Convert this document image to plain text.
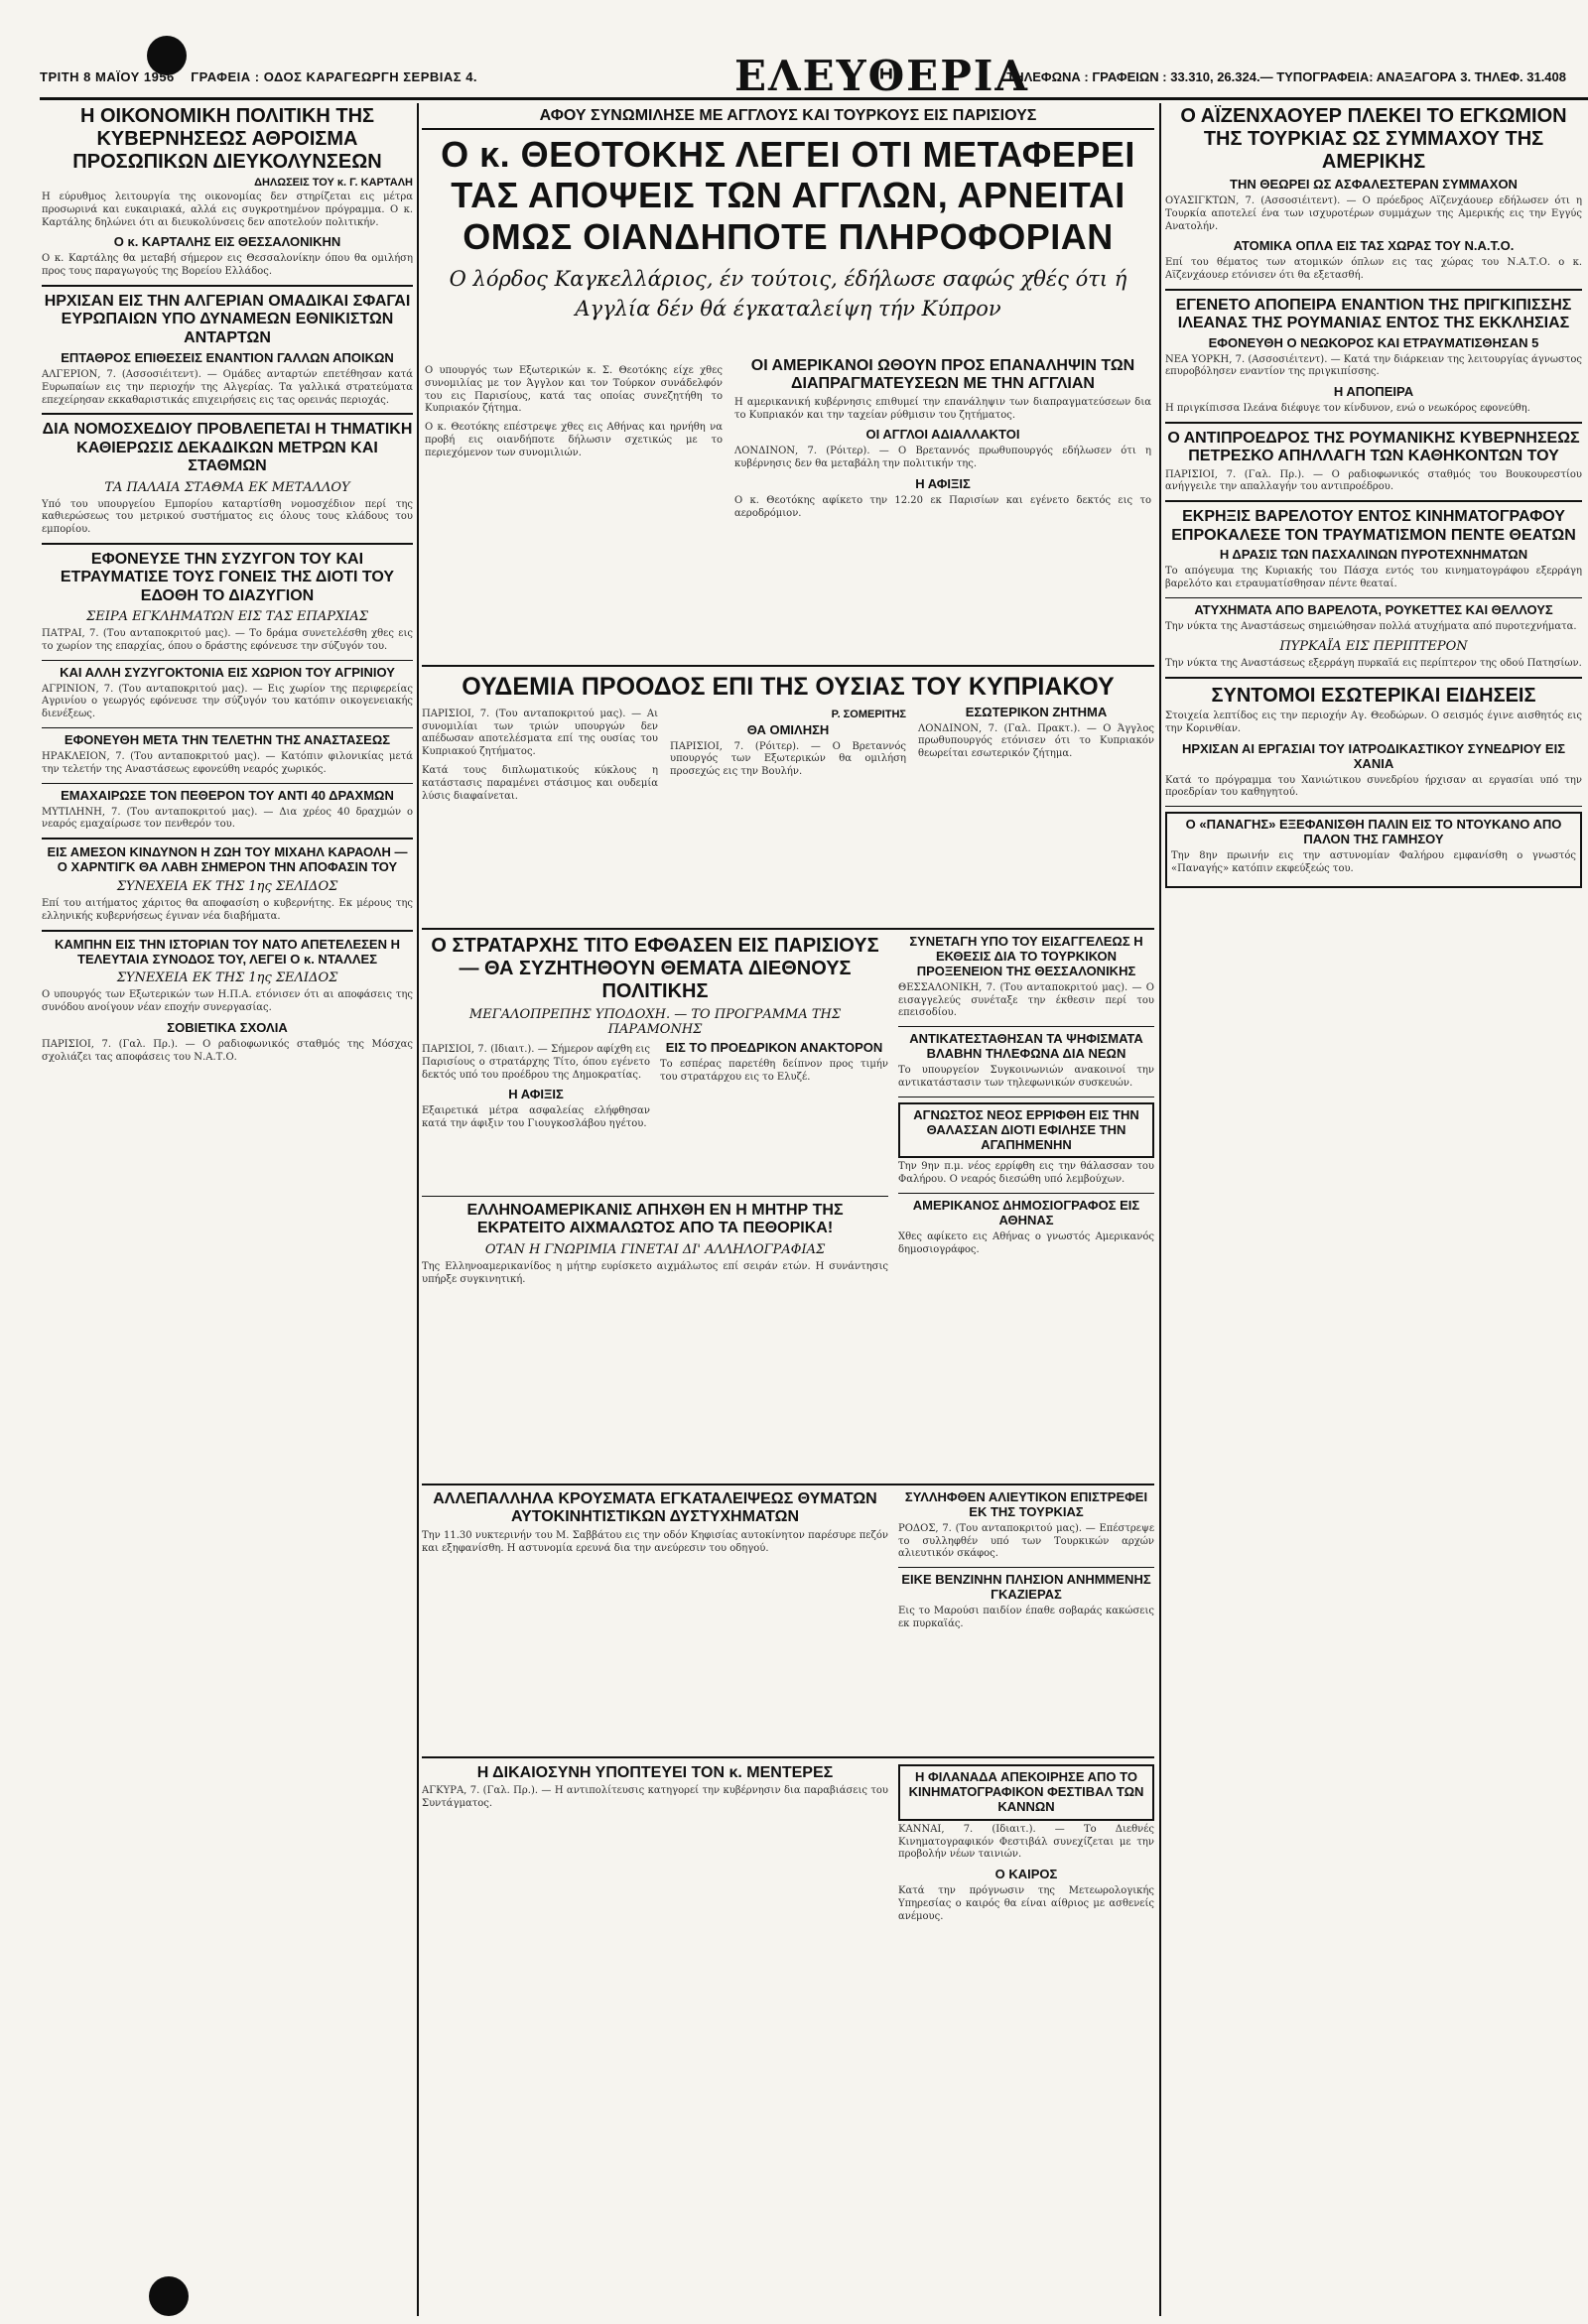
ΤΡΙΤΗ 8 ΜΑΪΟΥ 1956 ΓΡΑΦΕΙΑ : ΟΔΟΣ ΚΑΡΑΓΕΩΡΓΗ ΣΕΡΒΙΑΣ 4.	ΕΛΕΥΘΕΡΙΑ
ΤΗΛΕΦΩΝΑ : ΓΡΑΦΕΙΩΝ : 33.310, 26.324.— ΤΥΠΟΓΡΑΦΕΙΑ: ΑΝΑΞΑΓΟΡΑ 3. ΤΗΛΕΦ. 31.408
Η ΟΙΚΟΝΟΜΙΚΗ ΠΟΛΙΤΙΚΗ ΤΗΣ ΚΥΒΕΡΝΗΣΕΩΣ ΑΘΡΟΙΣΜΑ ΠΡΟΣΩΠΙΚΩΝ ΔΙΕΥΚΟΛΥΝΣΕΩΝ
ΔΗΛΩΣΕΙΣ ΤΟΥ κ. Γ. ΚΑΡΤΑΛΗ

Η εύρυθμος λειτουργία της οικονομίας δεν στηρίζεται εις μέτρα προσωρινά και ευκαιριακά, αλλά εις συγκροτημένον πρόγραμμα. Ο κ. Καρτάλης δηλώνει ότι αι διευκολύνσεις δεν αποτελούν πολιτικήν.

Ο κ. ΚΑΡΤΑΛΗΣ ΕΙΣ ΘΕΣΣΑΛΟΝΙΚΗΝ

Ο κ. Καρτάλης θα μεταβή σήμερον εις Θεσσαλονίκην όπου θα ομιλήση προς τους παραγωγούς της Βορείου Ελλάδος.

ΗΡΧΙΣΑΝ ΕΙΣ ΤΗΝ ΑΛΓΕΡΙΑΝ ΟΜΑΔΙΚΑΙ ΣΦΑΓΑΙ ΕΥΡΩΠΑΙΩΝ ΥΠΟ ΔΥΝΑΜΕΩΝ ΕΘΝΙΚΙΣΤΩΝ ΑΝΤΑΡΤΩΝ
ΕΠΤΑΘΡΟΣ ΕΠΙΘΕΣΕΙΣ ΕΝΑΝΤΙΟΝ ΓΑΛΛΩΝ ΑΠΟΙΚΩΝ

ΑΛΓΕΡΙΟΝ, 7. (Ασσοσιέιτεντ). — Ομάδες ανταρτών επετέθησαν κατά Ευρωπαίων εις την περιοχήν της Αλγερίας. Τα γαλλικά στρατεύματα επεχείρησαν εκκαθαριστικάς επιχειρήσεις εις τας ορεινάς περιοχάς.

ΔΙΑ ΝΟΜΟΣΧΕΔΙΟΥ ΠΡΟΒΛΕΠΕΤΑΙ Η ΤΗΜΑΤΙΚΗ ΚΑΘΙΕΡΩΣΙΣ ΔΕΚΑΔΙΚΩΝ ΜΕΤΡΩΝ ΚΑΙ ΣΤΑΘΜΩΝ
ΤΑ ΠΑΛΑΙΑ ΣΤΑΘΜΑ ΕΚ ΜΕΤΑΛΛΟΥ

Υπό του υπουργείου Εμπορίου καταρτίσθη νομοσχέδιον περί της καθιερώσεως του μετρικού συστήματος εις όλους τους κλάδους του εμπορίου.

ΕΦΟΝΕΥΣΕ ΤΗΝ ΣΥΖΥΓΟΝ ΤΟΥ ΚΑΙ ΕΤΡΑΥΜΑΤΙΣΕ ΤΟΥΣ ΓΟΝΕΙΣ ΤΗΣ ΔΙΟΤΙ ΤΟΥ ΕΔΟΘΗ ΤΟ ΔΙΑΖΥΓΙΟΝ
ΣΕΙΡΑ ΕΓΚΛΗΜΑΤΩΝ ΕΙΣ ΤΑΣ ΕΠΑΡΧΙΑΣ

ΠΑΤΡΑΙ, 7. (Του ανταποκριτού μας). — Το δράμα συνετελέσθη χθες εις το χωρίον της επαρχίας, όπου ο δράστης εφόνευσε την σύζυγόν του.

ΚΑΙ ΑΛΛΗ ΣΥΖΥΓΟΚΤΟΝΙΑ ΕΙΣ ΧΩΡΙΟΝ ΤΟΥ ΑΓΡΙΝΙΟΥ

ΑΓΡΙΝΙΟΝ, 7. (Του ανταποκριτού μας). — Εις χωρίον της περιφερείας Αγρινίου ο γεωργός εφόνευσε την σύζυγόν του κατόπιν οικογενειακής διενέξεως.

ΕΦΟΝΕΥΘΗ ΜΕΤΑ ΤΗΝ ΤΕΛΕΤΗΝ ΤΗΣ ΑΝΑΣΤΑΣΕΩΣ

ΗΡΑΚΛΕΙΟΝ, 7. (Του ανταποκριτού μας). — Κατόπιν φιλονικίας μετά την τελετήν της Αναστάσεως εφονεύθη νεαρός χωρικός.

ΕΜΑΧΑΙΡΩΣΕ ΤΟΝ ΠΕΘΕΡΟΝ ΤΟΥ ΑΝΤΙ 40 ΔΡΑΧΜΩΝ

ΜΥΤΙΛΗΝΗ, 7. (Του ανταποκριτού μας). — Δια χρέος 40 δραχμών ο νεαρός εμαχαίρωσε τον πενθερόν του.

ΕΙΣ ΑΜΕΣΟΝ ΚΙΝΔΥΝΟΝ Η ΖΩΗ ΤΟΥ ΜΙΧΑΗΛ ΚΑΡΑΟΛΗ — Ο ΧΑΡΝΤΙΓΚ ΘΑ ΛΑΒΗ ΣΗΜΕΡΟΝ ΤΗΝ ΑΠΟΦΑΣΙΝ ΤΟΥ
ΣΥΝΕΧΕΙΑ ΕΚ ΤΗΣ 1ης ΣΕΛΙΔΟΣ

Επί του αιτήματος χάριτος θα αποφασίση ο κυβερνήτης. Εκ μέρους της ελληνικής κυβερνήσεως έγιναν νέα διαβήματα.

ΚΑΜΠΗΝ ΕΙΣ ΤΗΝ ΙΣΤΟΡΙΑΝ ΤΟΥ ΝΑΤΟ ΑΠΕΤΕΛΕΣΕΝ Η ΤΕΛΕΥΤΑΙΑ ΣΥΝΟΔΟΣ ΤΟΥ, ΛΕΓΕΙ Ο κ. ΝΤΑΛΛΕΣ
ΣΥΝΕΧΕΙΑ ΕΚ ΤΗΣ 1ης ΣΕΛΙΔΟΣ

Ο υπουργός των Εξωτερικών των Η.Π.Α. ετόνισεν ότι αι αποφάσεις της συνόδου ανοίγουν νέαν εποχήν συνεργασίας.

ΣΟΒΙΕΤΙΚΑ ΣΧΟΛΙΑ

ΠΑΡΙΣΙΟΙ, 7. (Γαλ. Πρ.). — Ο ραδιοφωνικός σταθμός της Μόσχας σχολιάζει τας αποφάσεις του Ν.Α.Τ.Ο.

ΑΦΟΥ ΣΥΝΩΜΙΛΗΣΕ ΜΕ ΑΓΓΛΟΥΣ ΚΑΙ ΤΟΥΡΚΟΥΣ ΕΙΣ ΠΑΡΙΣΙΟΥΣ
Ο κ. ΘΕΟΤΟΚΗΣ ΛΕΓΕΙ ΟΤΙ ΜΕΤΑΦΕΡΕΙ ΤΑΣ ΑΠΟΨΕΙΣ ΤΩΝ ΑΓΓΛΩΝ, ΑΡΝΕΙΤΑΙ ΟΜΩΣ ΟΙΑΝΔΗΠΟΤΕ ΠΛΗΡΟΦΟΡΙΑΝ
Ο λόρδος Καγκελλάριος, έν τούτοις, έδήλωσε σαφώς χθές ότι ή Αγγλία δέν θά έγκαταλείψη τήν Κύπρον

Ο υπουργός των Εξωτερικών κ. Σ. Θεοτόκης είχε χθες συνομιλίας με τον Άγγλον και τον Τούρκον συνάδελφόν του εις Παρισίους, κατά τας οποίας συνεζητήθη το Κυπριακόν ζήτημα.

Ο κ. Θεοτόκης επέστρεψε χθες εις Αθήνας και ηρνήθη να προβή εις οιανδήποτε δήλωσιν σχετικώς με το περιεχόμενον των συνομιλιών.

ΟΙ ΑΜΕΡΙΚΑΝΟΙ ΩΘΟΥΝ ΠΡΟΣ ΕΠΑΝΑΛΗΨΙΝ ΤΩΝ ΔΙΑΠΡΑΓΜΑΤΕΥΣΕΩΝ ΜΕ ΤΗΝ ΑΓΓΛΙΑΝ

Η αμερικανική κυβέρνησις επιθυμεί την επανάληψιν των διαπραγματεύσεων δια το Κυπριακόν και την ταχείαν ρύθμισιν του ζητήματος.

ΟΙ ΑΓΓΛΟΙ ΑΔΙΑΛΛΑΚΤΟΙ

ΛΟΝΔΙΝΟΝ, 7. (Ρόιτερ). — Ο Βρεταννός πρωθυπουργός εδήλωσεν ότι η κυβέρνησις δεν θα μεταβάλη την πολιτικήν της.

Η ΑΦΙΞΙΣ

Ο κ. Θεοτόκης αφίκετο την 12.20 εκ Παρισίων και εγένετο δεκτός εις το αεροδρόμιον.

ΟΥΔΕΜΙΑ ΠΡΟΟΔΟΣ ΕΠΙ ΤΗΣ ΟΥΣΙΑΣ ΤΟΥ ΚΥΠΡΙΑΚΟΥ

ΠΑΡΙΣΙΟΙ, 7. (Του ανταποκριτού μας). — Αι συνομιλίαι των τριών υπουργών δεν απέδωσαν αποτελέσματα επί της ουσίας του Κυπριακού ζητήματος.

Κατά τους διπλωματικούς κύκλους η κατάστασις παραμένει στάσιμος και ουδεμία λύσις διαφαίνεται.

Ρ. ΣΟΜΕΡΙΤΗΣ
ΘΑ ΟΜΙΛΗΣΗ

ΠΑΡΙΣΙΟΙ, 7. (Ρόιτερ). — Ο Βρεταννός υπουργός των Εξωτερικών θα ομιλήση προσεχώς εις την Βουλήν.

ΕΣΩΤΕΡΙΚΟΝ ΖΗΤΗΜΑ

ΛΟΝΔΙΝΟΝ, 7. (Γαλ. Πρακτ.). — Ο Άγγλος πρωθυπουργός ετόνισεν ότι το Κυπριακόν θεωρείται εσωτερικόν ζήτημα.

Ο ΣΤΡΑΤΑΡΧΗΣ ΤΙΤΟ ΕΦΘΑΣΕΝ ΕΙΣ ΠΑΡΙΣΙΟΥΣ — ΘΑ ΣΥΖΗΤΗΘΟΥΝ ΘΕΜΑΤΑ ΔΙΕΘΝΟΥΣ ΠΟΛΙΤΙΚΗΣ
ΜΕΓΑΛΟΠΡΕΠΗΣ ΥΠΟΔΟΧΗ. — ΤΟ ΠΡΟΓΡΑΜΜΑ ΤΗΣ ΠΑΡΑΜΟΝΗΣ

ΠΑΡΙΣΙΟΙ, 7. (Ιδιαιτ.). — Σήμερον αφίχθη εις Παρισίους ο στρατάρχης Τίτο, όπου εγένετο δεκτός υπό του προέδρου της Δημοκρατίας.

Η ΑΦΙΞΙΣ

Εξαιρετικά μέτρα ασφαλείας ελήφθησαν κατά την άφιξιν του Γιουγκοσλάβου ηγέτου.

ΕΙΣ ΤΟ ΠΡΟΕΔΡΙΚΟΝ ΑΝΑΚΤΟΡΟΝ

Το εσπέρας παρετέθη δείπνον προς τιμήν του στρατάρχου εις το Ελυζέ.

ΕΛΛΗΝΟΑΜΕΡΙΚΑΝΙΣ ΑΠΗΧΘΗ ΕΝ Η ΜΗΤΗΡ ΤΗΣ ΕΚΡΑΤΕΙΤΟ ΑΙΧΜΑΛΩΤΟΣ ΑΠΟ ΤΑ ΠΕΘΟΡΙΚΑ!
ΟΤΑΝ Η ΓΝΩΡΙΜΙΑ ΓΙΝΕΤΑΙ ΔΙ' ΑΛΛΗΛΟΓΡΑΦΙΑΣ

Της Ελληνοαμερικανίδος η μήτηρ ευρίσκετο αιχμάλωτος επί σειράν ετών. Η συνάντησις υπήρξε συγκινητική.

ΣΥΝΕΤΑΓΗ ΥΠΟ ΤΟΥ ΕΙΣΑΓΓΕΛΕΩΣ Η ΕΚΘΕΣΙΣ ΔΙΑ ΤΟ ΤΟΥΡΚΙΚΟΝ ΠΡΟΞΕΝΕΙΟΝ ΤΗΣ ΘΕΣΣΑΛΟΝΙΚΗΣ

ΘΕΣΣΑΛΟΝΙΚΗ, 7. (Του ανταποκριτού μας). — Ο εισαγγελεύς συνέταξε την έκθεσιν περί του επεισοδίου.

ΑΝΤΙΚΑΤΕΣΤΑΘΗΣΑΝ ΤΑ ΨΗΦΙΣΜΑΤΑ ΒΛΑΒΗΝ ΤΗΛΕΦΩΝΑ ΔΙΑ ΝΕΩΝ

Το υπουργείον Συγκοινωνιών ανακοινοί την αντικατάστασιν των τηλεφωνικών συσκευών.

ΑΓΝΩΣΤΟΣ ΝΕΟΣ ΕΡΡΙΦΘΗ ΕΙΣ ΤΗΝ ΘΑΛΑΣΣΑΝ ΔΙΟΤΙ ΕΦΙΛΗΣΕ ΤΗΝ ΑΓΑΠΗΜΕΝΗΝ

Την 9ην π.μ. νέος ερρίφθη εις την θάλασσαν του Φαλήρου. Ο νεαρός διεσώθη υπό λεμβούχων.

ΑΜΕΡΙΚΑΝΟΣ ΔΗΜΟΣΙΟΓΡΑΦΟΣ ΕΙΣ ΑΘΗΝΑΣ

Χθες αφίκετο εις Αθήνας ο γνωστός Αμερικανός δημοσιογράφος.

ΑΛΛΕΠΑΛΛΗΛΑ ΚΡΟΥΣΜΑΤΑ ΕΓΚΑΤΑΛΕΙΨΕΩΣ ΘΥΜΑΤΩΝ ΑΥΤΟΚΙΝΗΤΙΣΤΙΚΩΝ ΔΥΣΤΥΧΗΜΑΤΩΝ

Την 11.30 νυκτερινήν του Μ. Σαββάτου εις την οδόν Κηφισίας αυτοκίνητον παρέσυρε πεζόν και εξηφανίσθη. Η αστυνομία ερευνά δια την ανεύρεσιν του οδηγού.

ΣΥΛΛΗΦΘΕΝ ΑΛΙΕΥΤΙΚΟΝ ΕΠΙΣΤΡΕΦΕΙ ΕΚ ΤΗΣ ΤΟΥΡΚΙΑΣ

ΡΟΔΟΣ, 7. (Του ανταποκριτού μας). — Επέστρεψε το συλληφθέν υπό των Τουρκικών αρχών αλιευτικόν σκάφος.

ΕΙΚΕ ΒΕΝΖΙΝΗΝ ΠΛΗΣΙΟΝ ΑΝΗΜΜΕΝΗΣ ΓΚΑΖΙΕΡΑΣ

Εις το Μαρούσι παιδίον έπαθε σοβαράς κακώσεις εκ πυρκαϊάς.

Η ΔΙΚΑΙΟΣΥΝΗ ΥΠΟΠΤΕΥΕΙ ΤΟΝ κ. ΜΕΝΤΕΡΕΣ

ΑΓΚΥΡΑ, 7. (Γαλ. Πρ.). — Η αντιπολίτευσις κατηγορεί την κυβέρνησιν δια παραβιάσεις του Συντάγματος.

Η ΦΙΛΑΝΑΔΑ ΑΠΕΚΟΙΡΗΣΕ ΑΠΟ ΤΟ ΚΙΝΗΜΑΤΟΓΡΑΦΙΚΟΝ ΦΕΣΤΙΒΑΛ ΤΩΝ ΚΑΝΝΩΝ

ΚΑΝΝΑΙ, 7. (Ιδιαιτ.). — Το Διεθνές Κινηματογραφικόν Φεστιβάλ συνεχίζεται με την προβολήν νέων ταινιών.

Ο ΚΑΙΡΟΣ

Κατά την πρόγνωσιν της Μετεωρολογικής Υπηρεσίας ο καιρός θα είναι αίθριος με ασθενείς ανέμους.

Ο ΑΪΖΕΝΧΑΟΥΕΡ ΠΛΕΚΕΙ ΤΟ ΕΓΚΩΜΙΟΝ ΤΗΣ ΤΟΥΡΚΙΑΣ ΩΣ ΣΥΜΜΑΧΟΥ ΤΗΣ ΑΜΕΡΙΚΗΣ
ΤΗΝ ΘΕΩΡΕΙ ΩΣ ΑΣΦΑΛΕΣΤΕΡΑΝ ΣΥΜΜΑΧΟΝ

ΟΥΑΣΙΓΚΤΩΝ, 7. (Ασσοσιέιτεντ). — Ο πρόεδρος Αϊζενχάουερ εδήλωσεν ότι η Τουρκία αποτελεί ένα των ισχυροτέρων συμμάχων της Αμερικής εις την Εγγύς Ανατολήν.

ΑΤΟΜΙΚΑ ΟΠΛΑ ΕΙΣ ΤΑΣ ΧΩΡΑΣ ΤΟΥ Ν.Α.Τ.Ο.

Επί του θέματος των ατομικών όπλων εις τας χώρας του Ν.Α.Τ.Ο. ο κ. Αϊζενχάουερ ετόνισεν ότι θα εξετασθή.

ΕΓΕΝΕΤΟ ΑΠΟΠΕΙΡΑ ΕΝΑΝΤΙΟΝ ΤΗΣ ΠΡΙΓΚΙΠΙΣΣΗΣ ΙΛΕΑΝΑΣ ΤΗΣ ΡΟΥΜΑΝΙΑΣ ΕΝΤΟΣ ΤΗΣ ΕΚΚΛΗΣΙΑΣ
ΕΦΟΝΕΥΘΗ Ο ΝΕΩΚΟΡΟΣ ΚΑΙ ΕΤΡΑΥΜΑΤΙΣΘΗΣΑΝ 5

ΝΕΑ ΥΟΡΚΗ, 7. (Ασσοσιέιτεντ). — Κατά την διάρκειαν της λειτουργίας άγνωστος επυροβόλησεν εναντίον της πριγκιπίσσης.

Η ΑΠΟΠΕΙΡΑ

Η πριγκίπισσα Ιλεάνα διέφυγε τον κίνδυνον, ενώ ο νεωκόρος εφονεύθη.

Ο ΑΝΤΙΠΡΟΕΔΡΟΣ ΤΗΣ ΡΟΥΜΑΝΙΚΗΣ ΚΥΒΕΡΝΗΣΕΩΣ ΠΕΤΡΕΣΚΟ ΑΠΗΛΛΑΓΗ ΤΩΝ ΚΑΘΗΚΟΝΤΩΝ ΤΟΥ

ΠΑΡΙΣΙΟΙ, 7. (Γαλ. Πρ.). — Ο ραδιοφωνικός σταθμός του Βουκουρεστίου ανήγγειλε την απαλλαγήν του αντιπροέδρου.

ΕΚΡΗΞΙΣ ΒΑΡΕΛΟΤΟΥ ΕΝΤΟΣ ΚΙΝΗΜΑΤΟΓΡΑΦΟΥ ΕΠΡΟΚΑΛΕΣΕ ΤΟΝ ΤΡΑΥΜΑΤΙΣΜΟΝ ΠΕΝΤΕ ΘΕΑΤΩΝ
Η ΔΡΑΣΙΣ ΤΩΝ ΠΑΣΧΑΛΙΝΩΝ ΠΥΡΟΤΕΧΝΗΜΑΤΩΝ

Το απόγευμα της Κυριακής του Πάσχα εντός του κινηματογράφου εξερράγη βαρελότο και ετραυματίσθησαν πέντε θεαταί.

ΑΤΥΧΗΜΑΤΑ ΑΠΟ ΒΑΡΕΛΟΤΑ, ΡΟΥΚΕΤΤΕΣ ΚΑΙ ΘΕΛΛΟΥΣ

Την νύκτα της Αναστάσεως σημειώθησαν πολλά ατυχήματα από πυροτεχνήματα.

ΠΥΡΚΑΪΑ ΕΙΣ ΠΕΡΙΠΤΕΡΟΝ

Την νύκτα της Αναστάσεως εξερράγη πυρκαϊά εις περίπτερον της οδού Πατησίων.

ΣΥΝΤΟΜΟΙ ΕΣΩΤΕΡΙΚΑΙ ΕΙΔΗΣΕΙΣ

Στοιχεία λεπτίδος εις την περιοχήν Αγ. Θεοδώρων. Ο σεισμός έγινε αισθητός εις την Κορινθίαν.

ΗΡΧΙΣΑΝ ΑΙ ΕΡΓΑΣΙΑΙ ΤΟΥ ΙΑΤΡΟΔΙΚΑΣΤΙΚΟΥ ΣΥΝΕΔΡΙΟΥ ΕΙΣ ΧΑΝΙΑ

Κατά το πρόγραμμα του Χανιώτικου συνεδρίου ήρχισαν αι εργασίαι υπό την προεδρίαν του καθηγητού.

Ο «ΠΑΝΑΓΗΣ» ΕΞΕΦΑΝΙΣΘΗ ΠΑΛΙΝ ΕΙΣ ΤΟ ΝΤΟΥΚΑΝΟ ΑΠΟ ΠΑΛΟΝ ΤΗΣ ΓΑΜΗΣΟΥ

Την 8ην πρωινήν εις την αστυνομίαν Φαλήρου εμφανίσθη ο γνωστός «Παναγής» κατόπιν εκφεύξεώς του.
